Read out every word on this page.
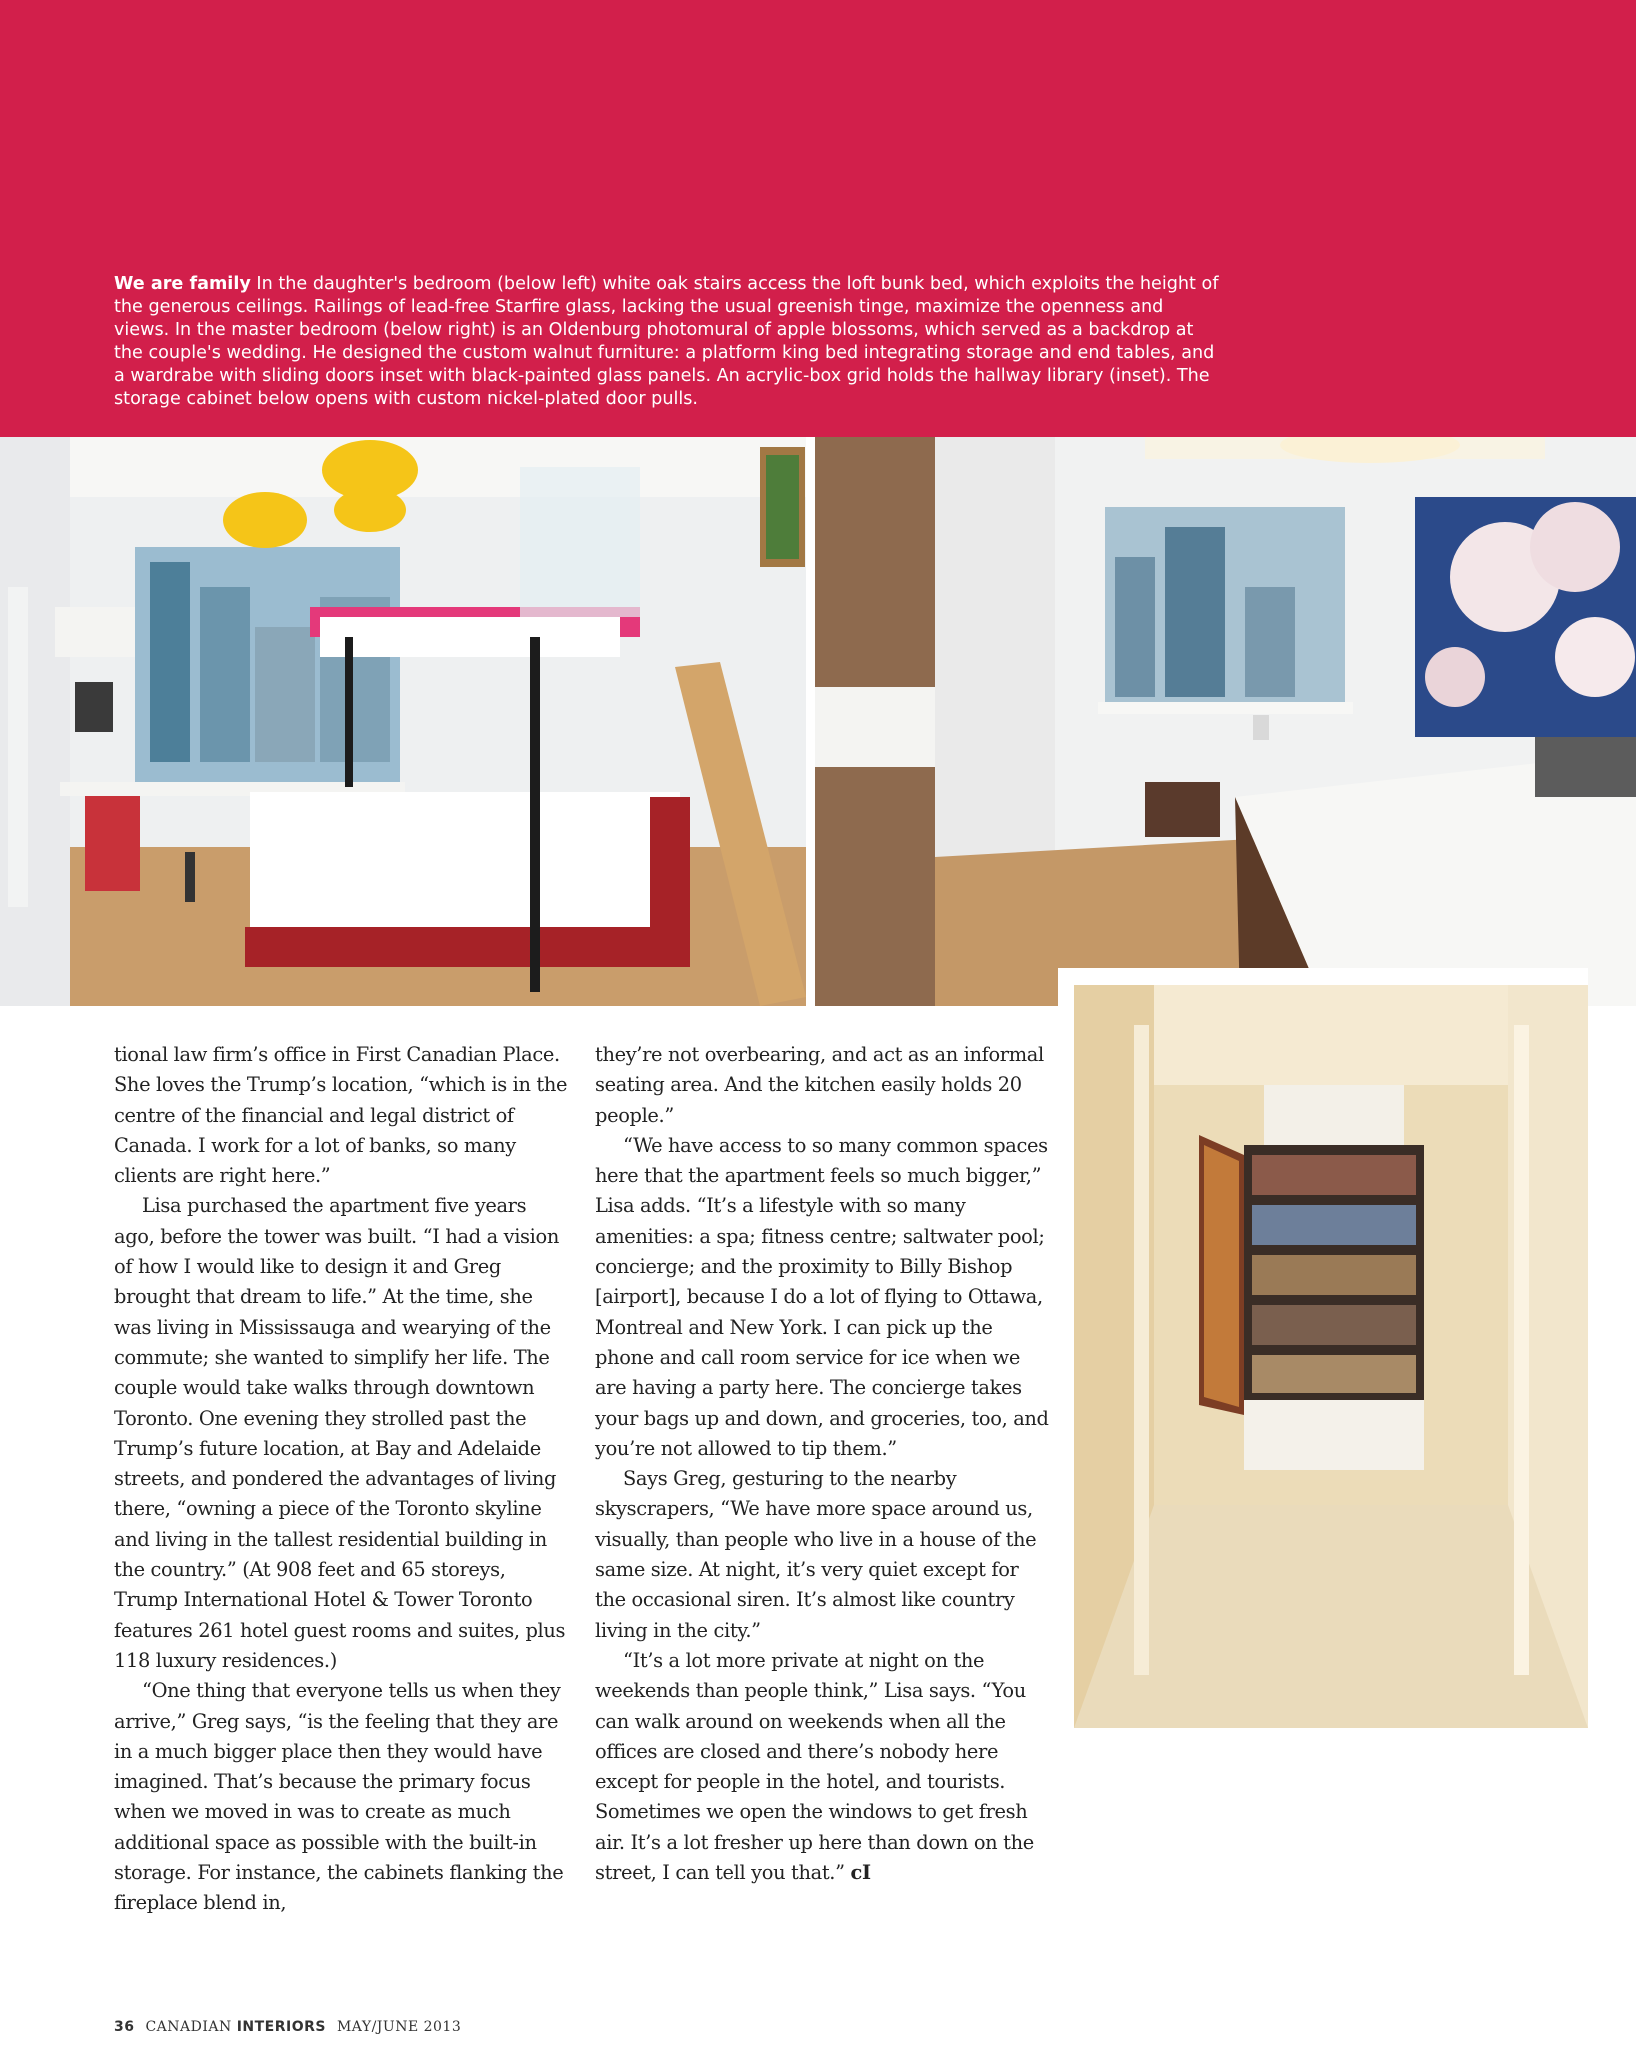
We are family In the daughter's bedroom (below left) white oak stairs access the loft bunk bed, which exploits the height of the generous ceilings. Railings of lead-free Starfire glass, lacking the usual greenish tinge, maximize the openness and views. In the master bedroom (below right) is an Oldenburg photomural of apple blossoms, which served as a backdrop at the couple's wedding. He designed the custom walnut furniture: a platform king bed integrating storage and end tables, and a wardrabe with sliding doors inset with black-painted glass panels. An acrylic-box grid holds the hallway library (inset). The storage cabinet below opens with custom nickel-plated door pulls.

tional law firm’s office in First Canadian Place. She loves the Trump’s location, “which is in the centre of the financial and legal district of Canada. I work for a lot of banks, so many clients are right here.”

Lisa purchased the apartment five years ago, before the tower was built. “I had a vision of how I would like to design it and Greg brought that dream to life.” At the time, she was living in Mississauga and wearying of the commute; she wanted to simplify her life. The couple would take walks through downtown Toronto. One evening they strolled past the Trump’s future location, at Bay and Adelaide streets, and pondered the advantages of living there, “owning a piece of the Toronto skyline and living in the tallest residential building in the country.” (At 908 feet and 65 storeys, Trump International Hotel & Tower Toronto features 261 hotel guest rooms and suites, plus 118 luxury residences.)

“One thing that everyone tells us when they arrive,” Greg says, “is the feeling that they are in a much bigger place then they would have imagined. That’s because the primary focus when we moved in was to create as much additional space as possible with the built-in storage. For instance, the cabinets flanking the fireplace blend in,

they’re not overbearing, and act as an informal seating area. And the kitchen easily holds 20 people.”

“We have access to so many common spaces here that the apartment feels so much bigger,” Lisa adds. “It’s a lifestyle with so many amenities: a spa; fitness centre; saltwater pool; concierge; and the proximity to Billy Bishop [airport], because I do a lot of flying to Ottawa, Montreal and New York. I can pick up the phone and call room service for ice when we are having a party here. The concierge takes your bags up and down, and groceries, too, and you’re not allowed to tip them.”

Says Greg, gesturing to the nearby skyscrapers, “We have more space around us, visually, than people who live in a house of the same size. At night, it’s very quiet except for the occasional siren. It’s almost like country living in the city.”

“It’s a lot more private at night on the weekends than people think,” Lisa says. “You can walk around on weekends when all the offices are closed and there’s nobody here except for people in the hotel, and tourists. Sometimes we open the windows to get fresh air. It’s a lot fresher up here than down on the street, I can tell you that.” cI

36 CANADIAN INTERIORS MAY/JUNE 2013
